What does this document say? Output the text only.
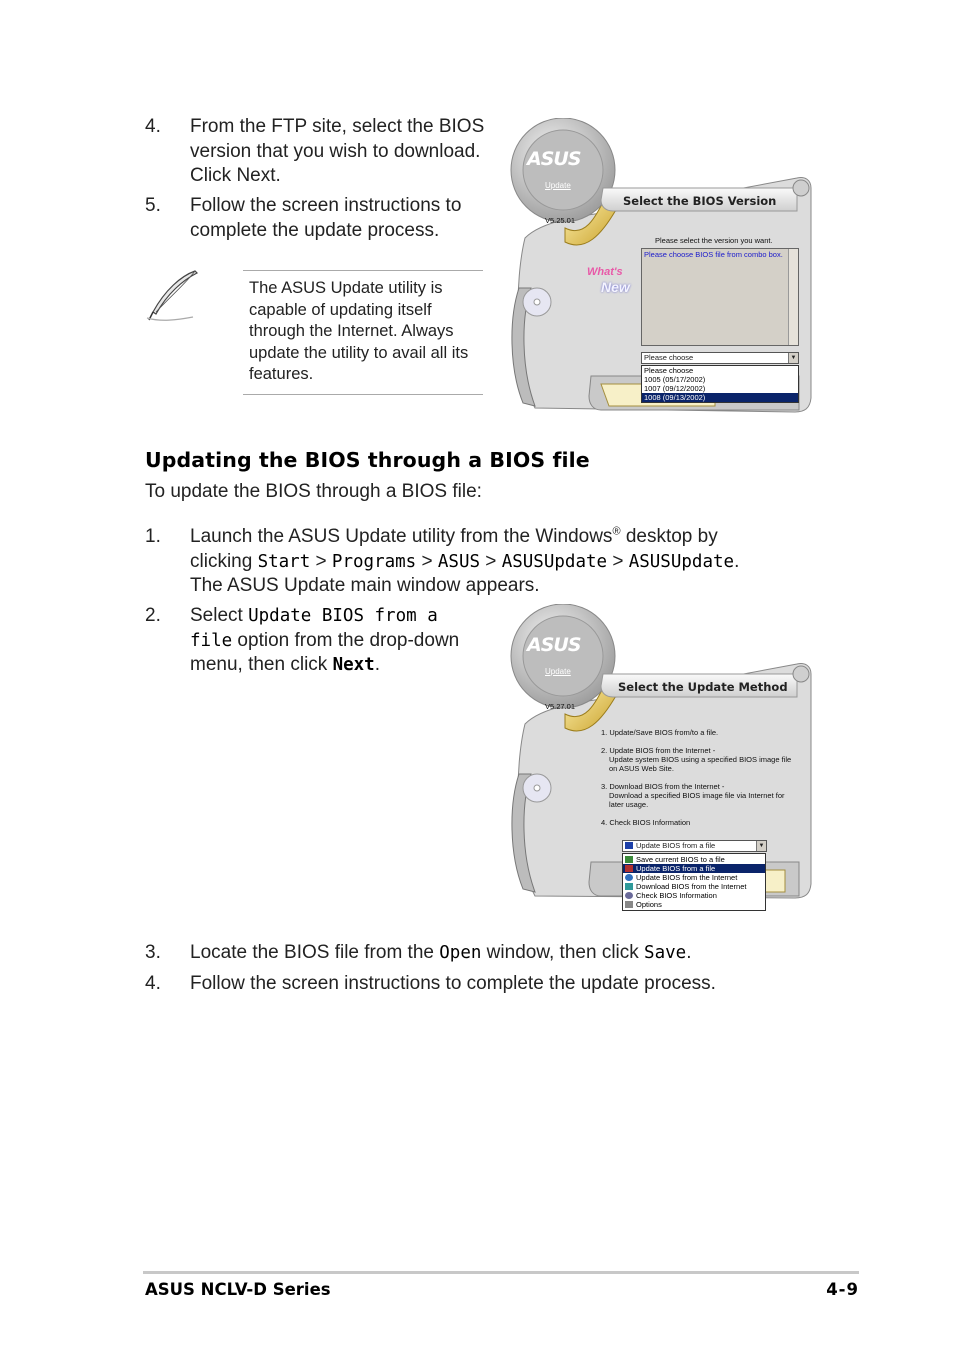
4.	From the FTP site, select the BIOS version that you wish to download. Click Next.
5.	Follow the screen instructions to complete the update process.
The ASUS Update utility is capable of updating itself through the Internet. Always update the utility to avail all its features.
ASUS
Update
V5.25.01
What's
New
Select the BIOS Version
Please select the version you want.
Please choose BIOS file from combo box.
Please choose	▼
Please choose
1005 (05/17/2002)
1007 (09/12/2002)
1008 (09/13/2002)
Updating the BIOS through a BIOS file
To update the BIOS through a BIOS file:
1.	Launch the ASUS Update utility from the Windows® desktop by clicking Start > Programs > ASUS > ASUSUpdate > ASUSUpdate. The ASUS Update main window appears.
2.	Select Update BIOS from a file option from the drop-down menu, then click Next.
ASUS
Update
V5.27.01
Select the Update Method
1. Update/Save BIOS from/to a file.
2. Update BIOS from the Internet -
Update system BIOS using a specified BIOS image file
on ASUS Web Site.
3. Download BIOS from the Internet -
Download a specified BIOS image file via Internet for
later usage.
4. Check BIOS Information
Update BIOS from a file	▼
Save current BIOS to a file
Update BIOS from a file
Update BIOS from the Internet
Download BIOS from the Internet
Check BIOS Information
Options
3.	Locate the BIOS file from the Open window, then click Save.
4.	Follow the screen instructions to complete the update process.
ASUS NCLV-D Series	4-9
